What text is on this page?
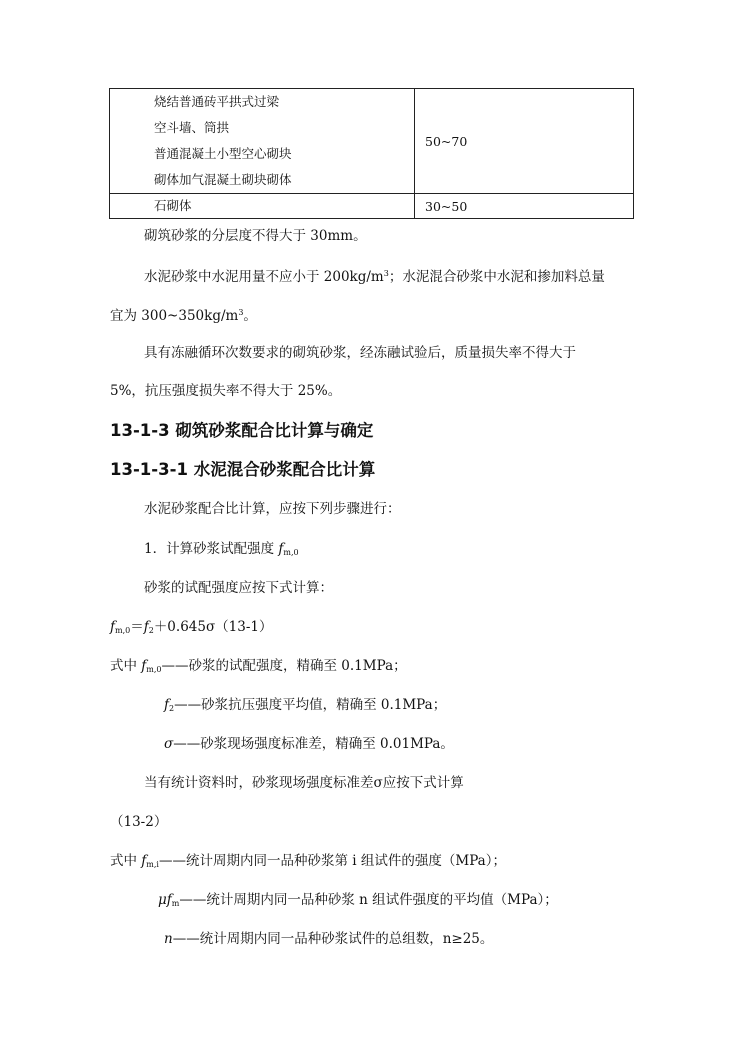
烧结普通砖平拱式过梁
空斗墙、筒拱
普通混凝土小型空心砌块
砌体加气混凝土砌块砌体	50~70

石砌体	30~50
砌筑砂浆的分层度不得大于 30mm。
水泥砂浆中水泥用量不应小于 $200kg/m^3$；水泥混合砂浆中水泥和掺加料总量
宜为 $300\sim 350kg/m^3$。
具有冻融循环次数要求的砌筑砂浆，经冻融试验后，质量损失率不得大于
5%，抗压强度损失率不得大于 25%。
13-1-3 砌筑砂浆配合比计算与确定
13-1-3-1 水泥混合砂浆配合比计算
水泥砂浆配合比计算，应按下列步骤进行：
1．计算砂浆试配强度 $f_{m,0}$
砂浆的试配强度应按下式计算：
$f_{m,0}=f_2+0.645\sigma(13-1)$
式中 $f_{m,0}——$砂浆的试配强度，精确至 0.1MPa；
$f_2——$砂浆抗压强度平均值，精确至 0.1MPa；
σ——砂浆现场强度标准差，精确至 0.01MPa。
当有统计资料时，砂浆现场强度标准差σ应按下式计算
（13-2）
式中 $f_{m,i}——$统计周期内同一品种砂浆第 i 组试件的强度（MPa）；
$\mu f_m——$统计周期内同一品种砂浆 n 组试件强度的平均值（MPa）；
n——统计周期内同一品种砂浆试件的总组数，n≥25。
